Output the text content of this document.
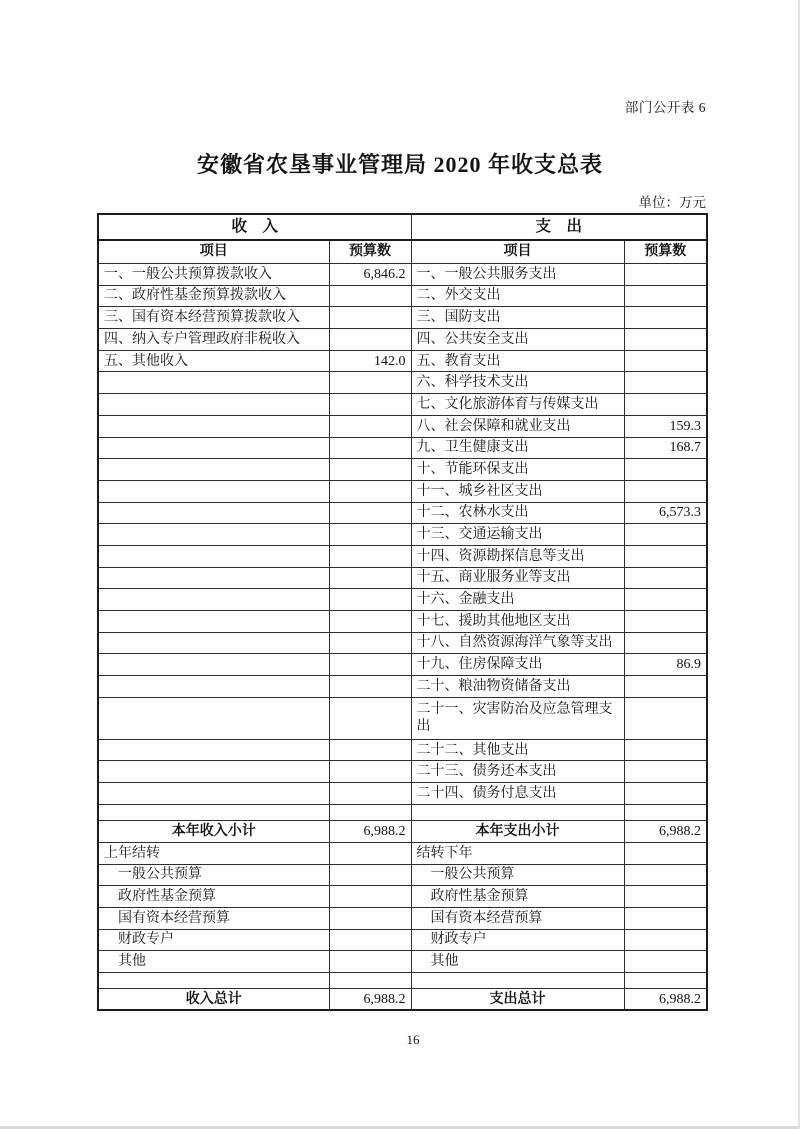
部门公开表 6
安徽省农垦事业管理局 2020 年收支总表
单位：万元
收　入		支　出	
项目	预算数	项目	预算数
一、一般公共预算拨款收入	6,846.2	一、一般公共服务支出	
二、政府性基金预算拨款收入		二、外交支出	
三、国有资本经营预算拨款收入		三、国防支出	
四、纳入专户管理政府非税收入		四、公共安全支出	
五、其他收入	142.0	五、教育支出	
		六、科学技术支出	
		七、文化旅游体育与传媒支出	
		八、社会保障和就业支出	159.3
		九、卫生健康支出	168.7
		十、节能环保支出	
		十一、城乡社区支出	
		十二、农林水支出	6,573.3
		十三、交通运输支出	
		十四、资源勘探信息等支出	
		十五、商业服务业等支出	
		十六、金融支出	
		十七、援助其他地区支出	
		十八、自然资源海洋气象等支出	
		十九、住房保障支出	86.9
		二十、粮油物资储备支出	
		二十一、灾害防治及应急管理支出	
		二十二、其他支出	
		二十三、债务还本支出	
		二十四、债务付息支出	

本年收入小计	6,988.2	本年支出小计	6,988.2
上年结转		结转下年	
一般公共预算		一般公共预算	
政府性基金预算		政府性基金预算	
国有资本经营预算		国有资本经营预算	
财政专户		财政专户	
其他		其他	

收入总计	6,988.2	支出总计	6,988.2
16
